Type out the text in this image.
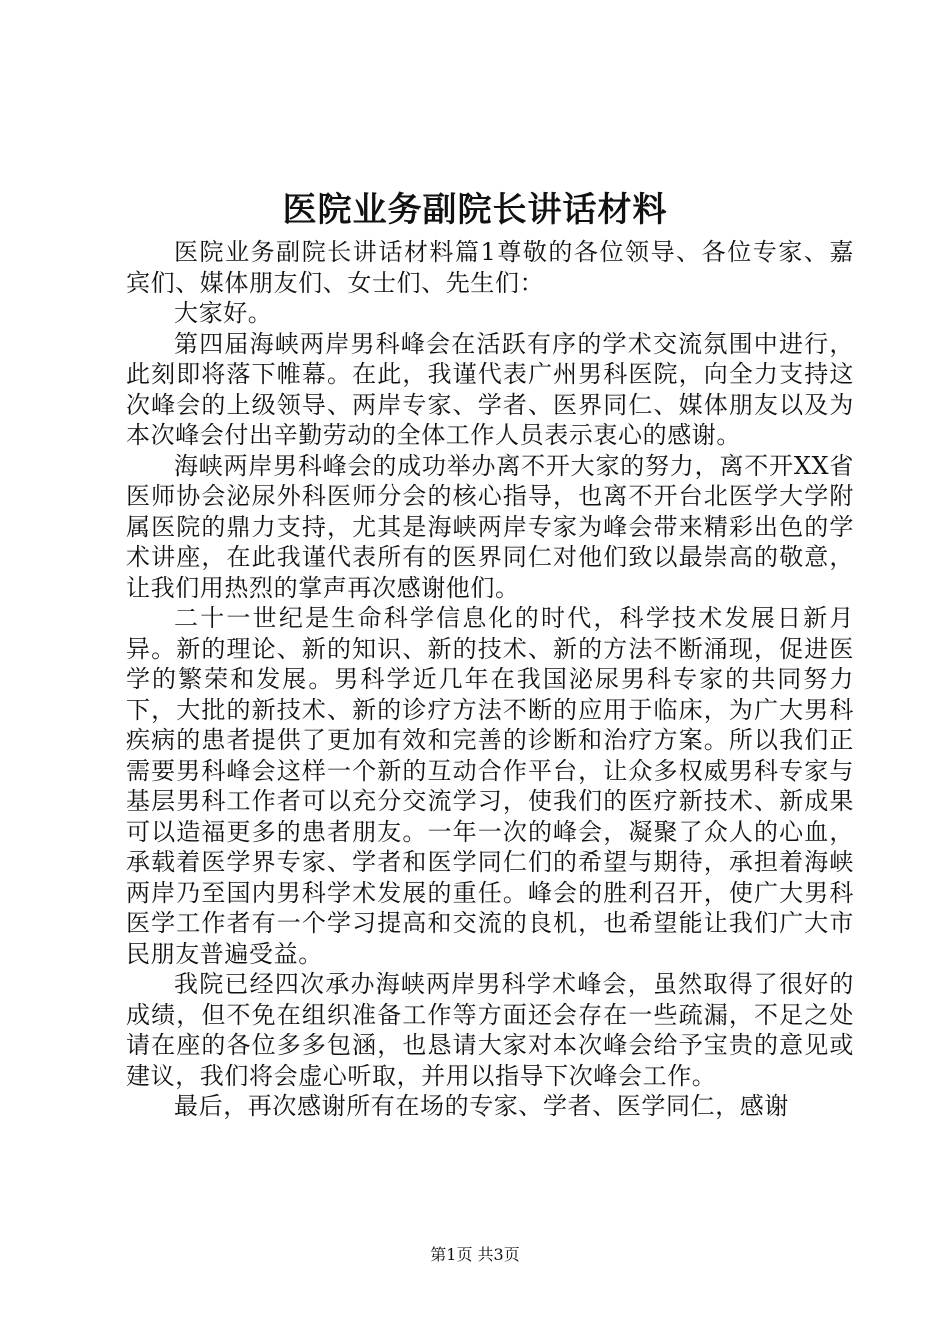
医院业务副院长讲话材料

医院业务副院长讲话材料篇1尊敬的各位领导、各位专家、嘉宾们、媒体朋友们、女士们、先生们：

大家好。

第四届海峡两岸男科峰会在活跃有序的学术交流氛围中进行，此刻即将落下帷幕。在此，我谨代表广州男科医院，向全力支持这次峰会的上级领导、两岸专家、学者、医界同仁、媒体朋友以及为本次峰会付出辛勤劳动的全体工作人员表示衷心的感谢。

海峡两岸男科峰会的成功举办离不开大家的努力，离不开XX省医师协会泌尿外科医师分会的核心指导，也离不开台北医学大学附属医院的鼎力支持，尤其是海峡两岸专家为峰会带来精彩出色的学术讲座，在此我谨代表所有的医界同仁对他们致以最崇高的敬意，让我们用热烈的掌声再次感谢他们。

二十一世纪是生命科学信息化的时代，科学技术发展日新月异。新的理论、新的知识、新的技术、新的方法不断涌现，促进医学的繁荣和发展。男科学近几年在我国泌尿男科专家的共同努力下，大批的新技术、新的诊疗方法不断的应用于临床，为广大男科疾病的患者提供了更加有效和完善的诊断和治疗方案。所以我们正需要男科峰会这样一个新的互动合作平台，让众多权威男科专家与基层男科工作者可以充分交流学习，使我们的医疗新技术、新成果可以造福更多的患者朋友。一年一次的峰会，凝聚了众人的心血，承载着医学界专家、学者和医学同仁们的希望与期待，承担着海峡两岸乃至国内男科学术发展的重任。峰会的胜利召开，使广大男科医学工作者有一个学习提高和交流的良机，也希望能让我们广大市民朋友普遍受益。

我院已经四次承办海峡两岸男科学术峰会，虽然取得了很好的成绩，但不免在组织准备工作等方面还会存在一些疏漏，不足之处请在座的各位多多包涵，也恳请大家对本次峰会给予宝贵的意见或建议，我们将会虚心听取，并用以指导下次峰会工作。

最后，再次感谢所有在场的专家、学者、医学同仁，感谢

第1页 共3页
